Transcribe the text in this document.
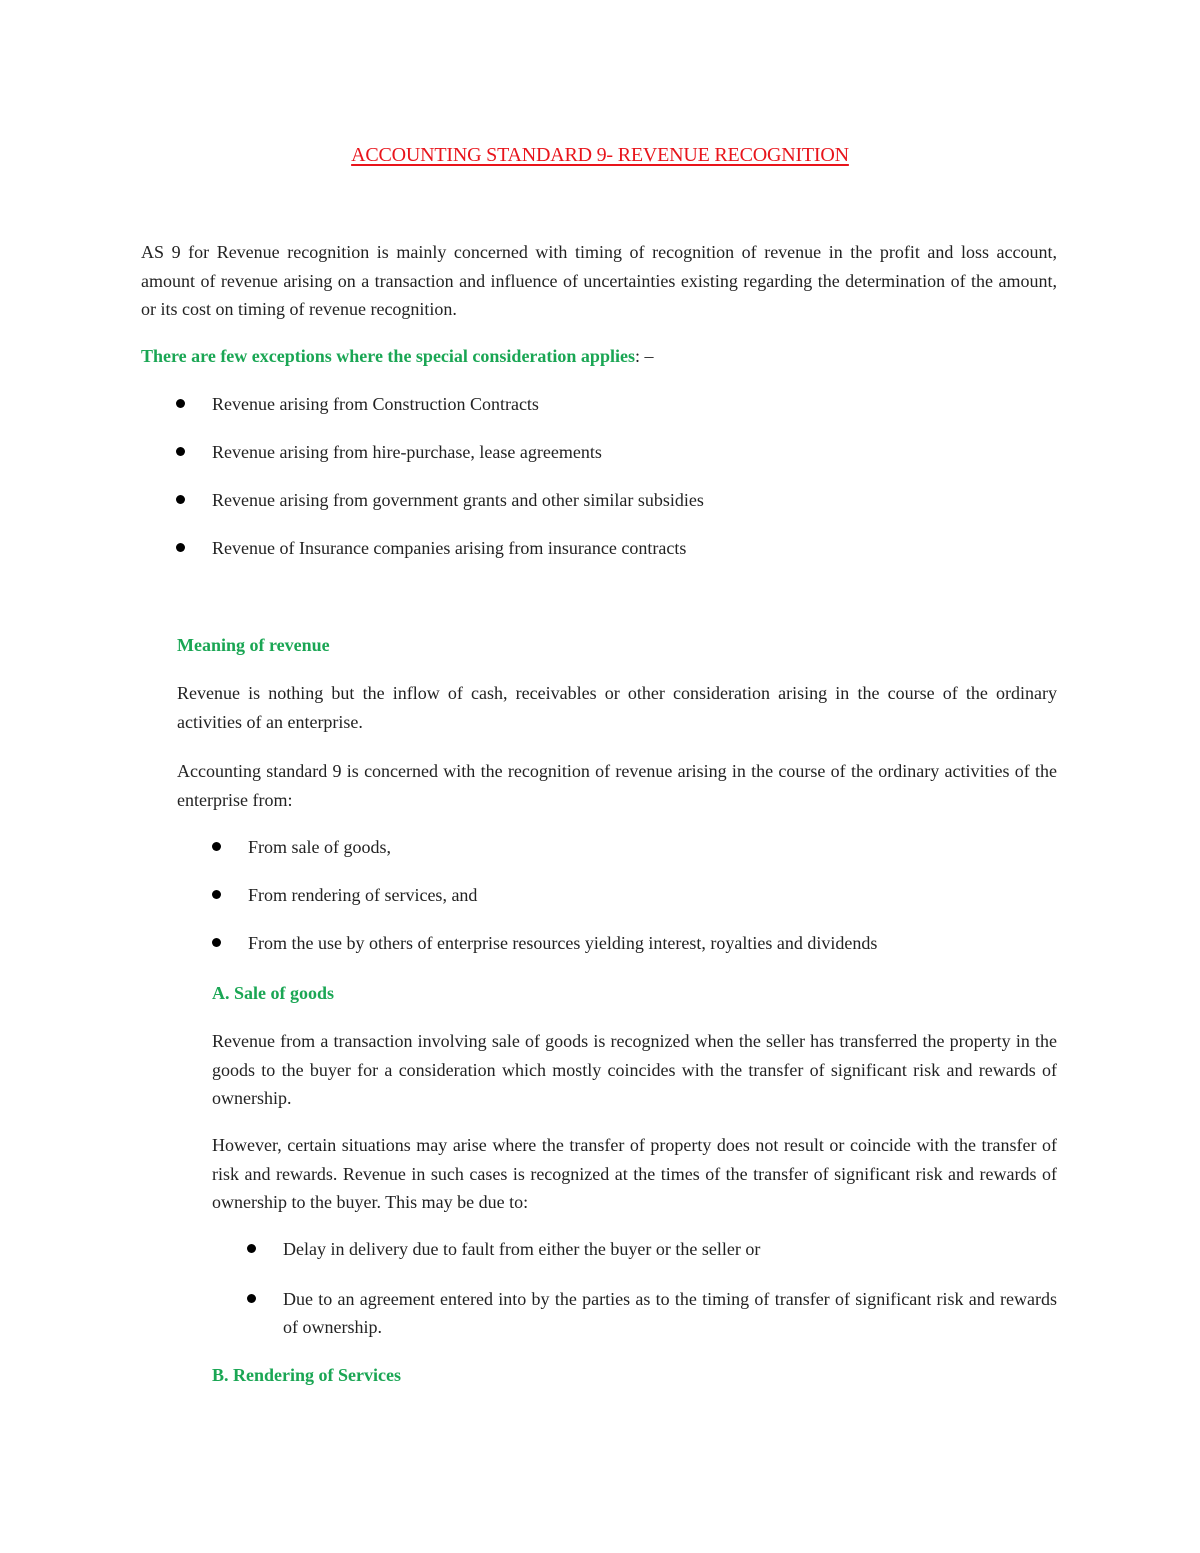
ACCOUNTING STANDARD 9- REVENUE RECOGNITION
AS 9 for Revenue recognition is mainly concerned with timing of recognition of revenue in the profit and loss account, amount of revenue arising on a transaction and influence of uncertainties existing regarding the determination of the amount, or its cost on timing of revenue recognition.
There are few exceptions where the special consideration applies: –
Revenue arising from Construction Contracts
Revenue arising from hire-purchase, lease agreements
Revenue arising from government grants and other similar subsidies
Revenue of Insurance companies arising from insurance contracts
Meaning of revenue
Revenue is nothing but the inflow of cash, receivables or other consideration arising in the course of the ordinary activities of an enterprise.
Accounting standard 9 is concerned with the recognition of revenue arising in the course of the ordinary activities of the enterprise from:
From sale of goods,
From rendering of services, and
From the use by others of enterprise resources yielding interest, royalties and dividends
A. Sale of goods
Revenue from a transaction involving sale of goods is recognized when the seller has transferred the property in the goods to the buyer for a consideration which mostly coincides with the transfer of significant risk and rewards of ownership.
However, certain situations may arise where the transfer of property does not result or coincide with the transfer of risk and rewards. Revenue in such cases is recognized at the times of the transfer of significant risk and rewards of ownership to the buyer. This may be due to:
Delay in delivery due to fault from either the buyer or the seller or
Due to an agreement entered into by the parties as to the timing of transfer of significant risk and rewards of ownership.
B. Rendering of Services
